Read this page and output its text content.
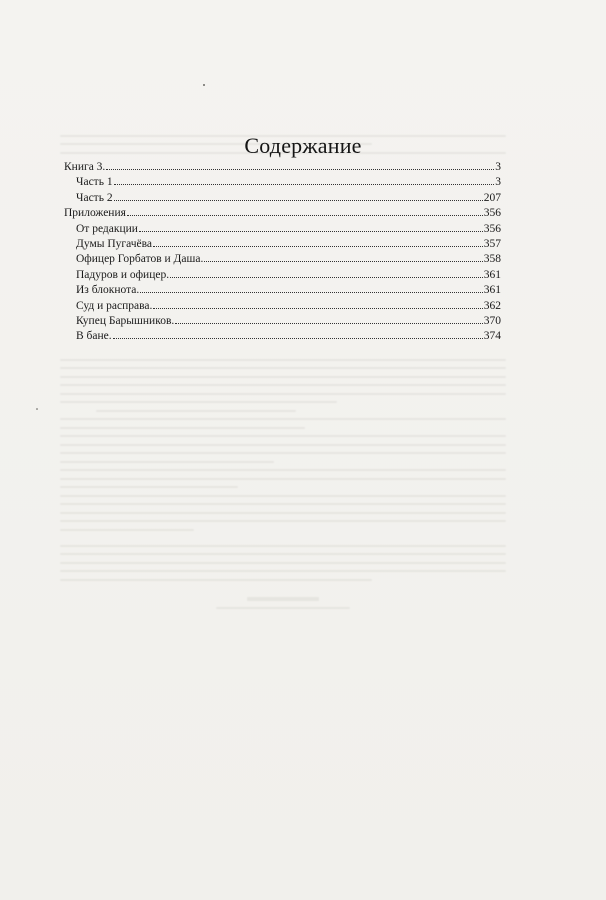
Содержание
Книга 3.	3
Часть 1	3
Часть 2	207
Приложения	356
От редакции	356
Думы Пугачёва	357
Офицер Горбатов и Даша.	358
Падуров и офицер.	361
Из блокнота.	361
Суд и расправа.	362
Купец Барышников.	370
В бане.	374
